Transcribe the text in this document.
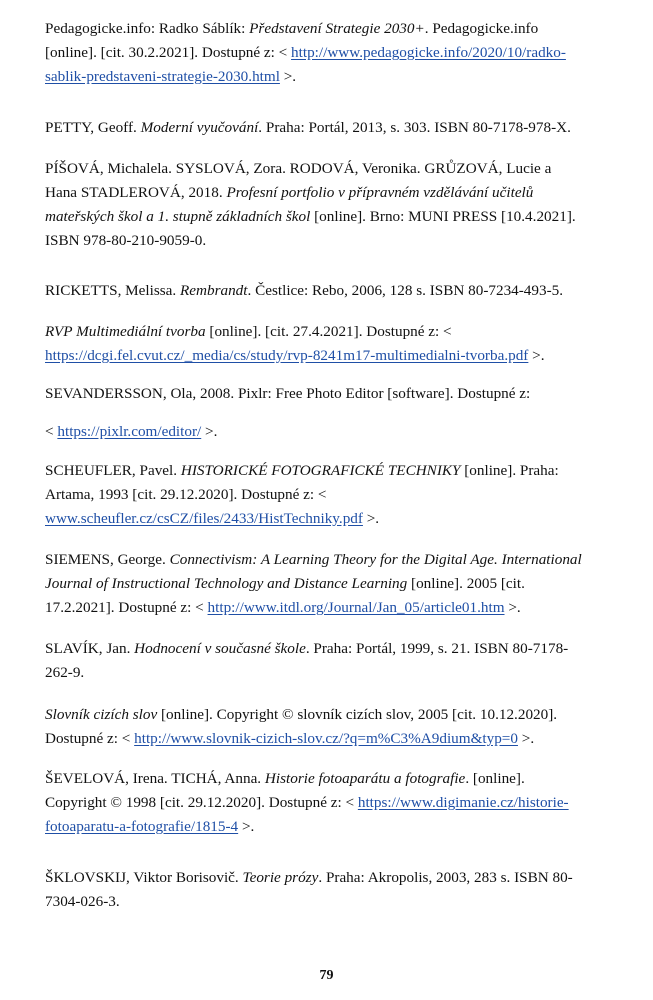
Pedagogicke.info: Radko Sáblík: Představení Strategie 2030+. Pedagogicke.info
[online]. [cit. 30.2.2021]. Dostupné z: < http://www.pedagogicke.info/2020/10/radko-
sablik-predstaveni-strategie-2030.html >.
PETTY, Geoff. Moderní vyučování. Praha: Portál, 2013, s. 303. ISBN 80-7178-978-X.
PÍŠOVÁ, Michalela. SYSLOVÁ, Zora. RODOVÁ, Veronika. GRŮZOVÁ, Lucie a
Hana STADLEROVÁ, 2018. Profesní portfolio v přípravném vzdělávání učitelů
mateřských škol a 1. stupně základních škol [online]. Brno: MUNI PRESS [10.4.2021].
ISBN 978-80-210-9059-0.
RICKETTS, Melissa. Rembrandt. Čestlice: Rebo, 2006, 128 s. ISBN 80-7234-493-5.
RVP Multimediální tvorba [online]. [cit. 27.4.2021]. Dostupné z: <
https://dcgi.fel.cvut.cz/_media/cs/study/rvp-8241m17-multimedialni-tvorba.pdf >.
SEVANDERSSON, Ola, 2008. Pixlr: Free Photo Editor [software]. Dostupné z:
< https://pixlr.com/editor/ >.
SCHEUFLER, Pavel. HISTORICKÉ FOTOGRAFICKÉ TECHNIKY [online]. Praha:
Artama, 1993 [cit. 29.12.2020]. Dostupné z: <
www.scheufler.cz/csCZ/files/2433/HistTechniky.pdf >.
SIEMENS, George. Connectivism: A Learning Theory for the Digital Age. International
Journal of Instructional Technology and Distance Learning [online]. 2005 [cit.
17.2.2021]. Dostupné z: < http://www.itdl.org/Journal/Jan_05/article01.htm >.
SLAVÍK, Jan. Hodnocení v současné škole. Praha: Portál, 1999, s. 21. ISBN 80-7178-
262-9.
Slovník cizích slov [online]. Copyright © slovník cizích slov, 2005 [cit. 10.12.2020].
Dostupné z: < http://www.slovnik-cizich-slov.cz/?q=m%C3%A9dium&typ=0 >.
ŠEVELOVÁ, Irena. TICHÁ, Anna. Historie fotoaparátu a fotografie. [online].
Copyright © 1998 [cit. 29.12.2020]. Dostupné z: < https://www.digimanie.cz/historie-
fotoaparatu-a-fotografie/1815-4 >.
ŠKLOVSKIJ, Viktor Borisovič. Teorie prózy. Praha: Akropolis, 2003, 283 s. ISBN 80-
7304-026-3.
79
